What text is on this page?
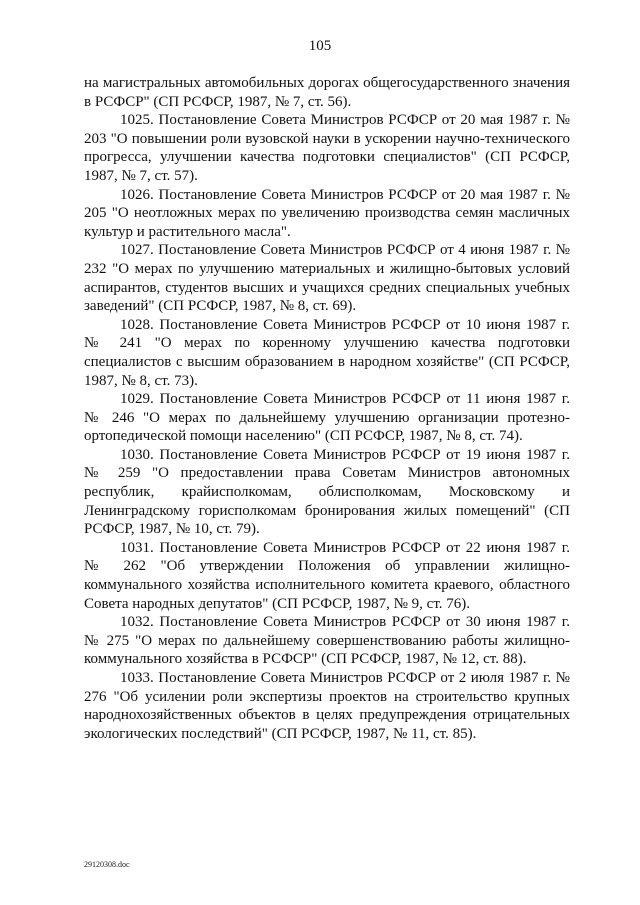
105

на магистральных автомобильных дорогах общегосударственного значения в РСФСР" (СП РСФСР, 1987, № 7, ст. 56).

1025. Постановление Совета Министров РСФСР от 20 мая 1987 г. № 203 "О повышении роли вузовской науки в ускорении научно-технического прогресса, улучшении качества подготовки специалистов" (СП РСФСР, 1987, № 7, ст. 57).

1026. Постановление Совета Министров РСФСР от 20 мая 1987 г. № 205 "О неотложных мерах по увеличению производства семян масличных культур и растительного масла".

1027. Постановление Совета Министров РСФСР от 4 июня 1987 г. № 232 "О мерах по улучшению материальных и жилищно-бытовых условий аспирантов, студентов высших и учащихся средних специальных учебных заведений" (СП РСФСР, 1987, № 8, ст. 69).

1028. Постановление Совета Министров РСФСР от 10 июня 1987 г. № 241 "О мерах по коренному улучшению качества подготовки специалистов с высшим образованием в народном хозяйстве" (СП РСФСР, 1987, № 8, ст. 73).

1029. Постановление Совета Министров РСФСР от 11 июня 1987 г. № 246 "О мерах по дальнейшему улучшению организации протезно-ортопедической помощи населению" (СП РСФСР, 1987, № 8, ст. 74).

1030. Постановление Совета Министров РСФСР от 19 июня 1987 г. № 259 "О предоставлении права Советам Министров автономных республик, крайисполкомам, облисполкомам, Московскому и Ленинградскому горисполкомам бронирования жилых помещений" (СП РСФСР, 1987, № 10, ст. 79).

1031. Постановление Совета Министров РСФСР от 22 июня 1987 г. № 262 "Об утверждении Положения об управлении жилищно-коммунального хозяйства исполнительного комитета краевого, областного Совета народных депутатов" (СП РСФСР, 1987, № 9, ст. 76).

1032. Постановление Совета Министров РСФСР от 30 июня 1987 г. № 275 "О мерах по дальнейшему совершенствованию работы жилищно-коммунального хозяйства в РСФСР" (СП РСФСР, 1987, № 12, ст. 88).

1033. Постановление Совета Министров РСФСР от 2 июля 1987 г. № 276 "Об усилении роли экспертизы проектов на строительство крупных народнохозяйственных объектов в целях предупреждения отрицательных экологических последствий" (СП РСФСР, 1987, № 11, ст. 85).

29120308.doc
